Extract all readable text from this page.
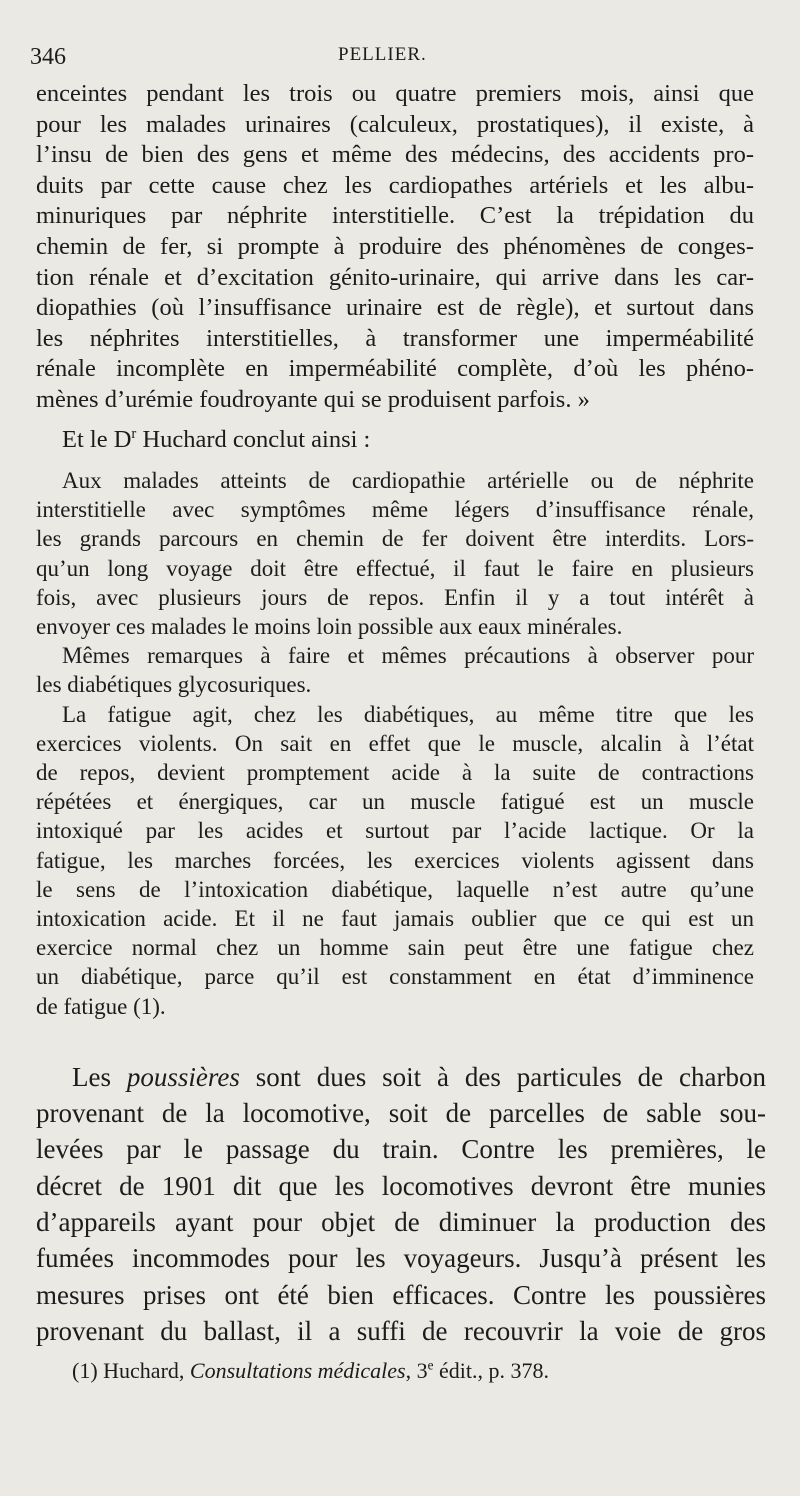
346	PELLIER.
enceintes pendant les trois ou quatre premiers mois, ainsi que
pour les malades urinaires (calculeux, prostatiques), il existe, à
l’insu de bien des gens et même des médecins, des accidents pro-
duits par cette cause chez les cardiopathes artériels et les albu-
minuriques par néphrite interstitielle. C’est la trépidation du
chemin de fer, si prompte à produire des phénomènes de conges-
tion rénale et d’excitation génito-urinaire, qui arrive dans les car-
diopathies (où l’insuffisance urinaire est de règle), et surtout dans
les néphrites interstitielles, à transformer une imperméabilité
rénale incomplète en imperméabilité complète, d’où les phéno-
mènes d’urémie foudroyante qui se produisent parfois. »
Et le $D^r$ Huchard conclut ainsi :
Aux malades atteints de cardiopathie artérielle ou de néphrite
interstitielle avec symptômes même légers d’insuffisance rénale,
les grands parcours en chemin de fer doivent être interdits. Lors-
qu’un long voyage doit être effectué, il faut le faire en plusieurs
fois, avec plusieurs jours de repos. Enfin il y a tout intérêt à
envoyer ces malades le moins loin possible aux eaux minérales.
Mêmes remarques à faire et mêmes précautions à observer pour
les diabétiques glycosuriques.
La fatigue agit, chez les diabétiques, au même titre que les
exercices violents. On sait en effet que le muscle, alcalin à l’état
de repos, devient promptement acide à la suite de contractions
répétées et énergiques, car un muscle fatigué est un muscle
intoxiqué par les acides et surtout par l’acide lactique. Or la
fatigue, les marches forcées, les exercices violents agissent dans
le sens de l’intoxication diabétique, laquelle n’est autre qu’une
intoxication acide. Et il ne faut jamais oublier que ce qui est un
exercice normal chez un homme sain peut être une fatigue chez
un diabétique, parce qu’il est constamment en état d’imminence
de fatigue (1).
Les poussières sont dues soit à des particules de charbon
provenant de la locomotive, soit de parcelles de sable sou-
levées par le passage du train. Contre les premières, le
décret de 1901 dit que les locomotives devront être munies
d’appareils ayant pour objet de diminuer la production des
fumées incommodes pour les voyageurs. Jusqu’à présent les
mesures prises ont été bien efficaces. Contre les poussières
provenant du ballast, il a suffi de recouvrir la voie de gros
(1) Huchard, Consultations médicales, 3e édit., p. 378.
